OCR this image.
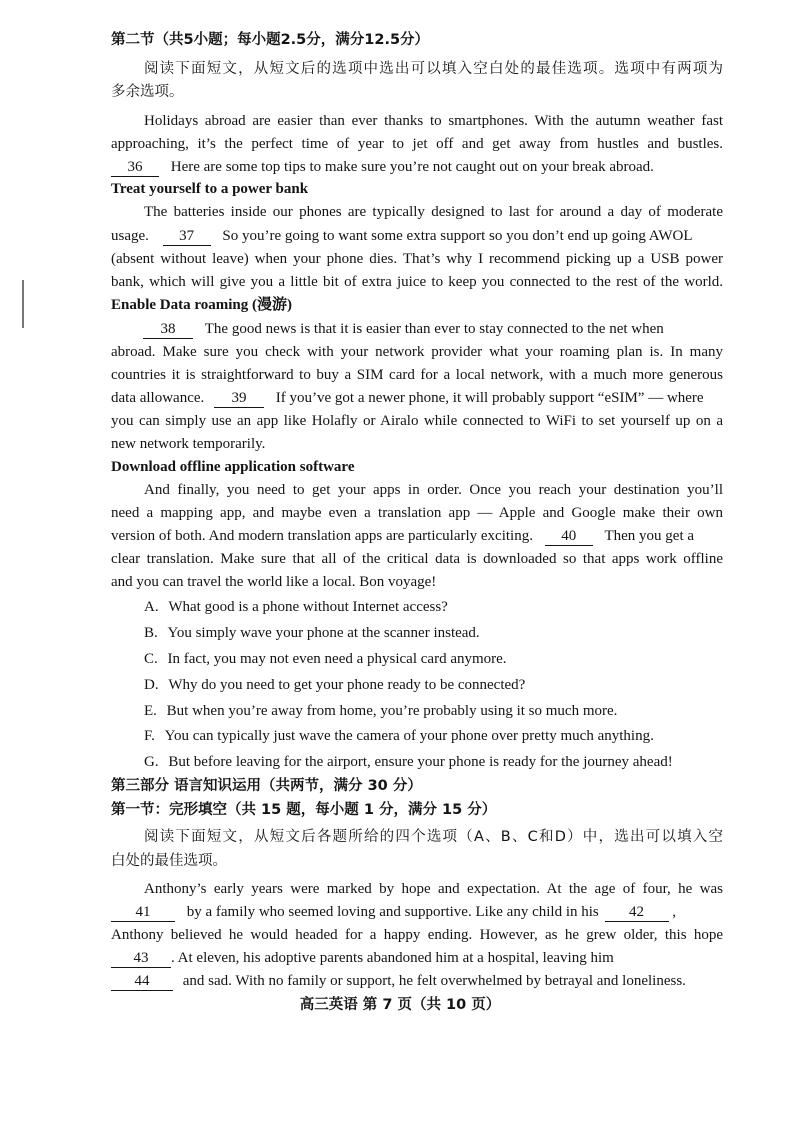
第二节（共5小题；每小题2.5分，满分12.5分）
阅读下面短文，从短文后的选项中选出可以填入空白处的最佳选项。选项中有两项为
多余选项。
Holidays abroad are easier than ever thanks to smartphones. With the autumn weather fast
approaching, it’s the perfect time of year to jet off and get away from hustles and bustles.
36 Here are some top tips to make sure you’re not caught out on your break abroad.
Treat yourself to a power bank
The batteries inside our phones are typically designed to last for around a day of moderate
usage. 37 So you’re going to want some extra support so you don’t end up going AWOL
(absent without leave) when your phone dies. That’s why I recommend picking up a USB power
bank, which will give you a little bit of extra juice to keep you connected to the rest of the world.
Enable Data roaming (漫游)
38 The good news is that it is easier than ever to stay connected to the net when
abroad. Make sure you check with your network provider what your roaming plan is. In many
countries it is straightforward to buy a SIM card for a local network, with a much more generous
data allowance. 39 If you’ve got a newer phone, it will probably support “eSIM” — where
you can simply use an app like Holafly or Airalo while connected to WiFi to set yourself up on a
new network temporarily.
Download offline application software
And finally, you need to get your apps in order. Once you reach your destination you’ll
need a mapping app, and maybe even a translation app — Apple and Google make their own
version of both. And modern translation apps are particularly exciting. 40 Then you get a
clear translation. Make sure that all of the critical data is downloaded so that apps work offline
and you can travel the world like a local. Bon voyage!
A. What good is a phone without Internet access?
B. You simply wave your phone at the scanner instead.
C. In fact, you may not even need a physical card anymore.
D. Why do you need to get your phone ready to be connected?
E. But when you’re away from home, you’re probably using it so much more.
F. You can typically just wave the camera of your phone over pretty much anything.
G. But before leaving for the airport, ensure your phone is ready for the journey ahead!
第三部分 语言知识运用（共两节，满分 30 分）
第一节：完形填空（共 15 题，每小题 1 分，满分 15 分）
阅读下面短文，从短文后各题所给的四个选项（A、B、C和D）中，选出可以填入空
白处的最佳选项。
Anthony’s early years were marked by hope and expectation. At the age of four, he was
41 by a family who seemed loving and supportive. Like any child in his 42 ,
Anthony believed he would headed for a happy ending. However, as he grew older, this hope
43 . At eleven, his adoptive parents abandoned him at a hospital, leaving him
44 and sad. With no family or support, he felt overwhelmed by betrayal and loneliness.
高三英语 第 7 页（共 10 页）
